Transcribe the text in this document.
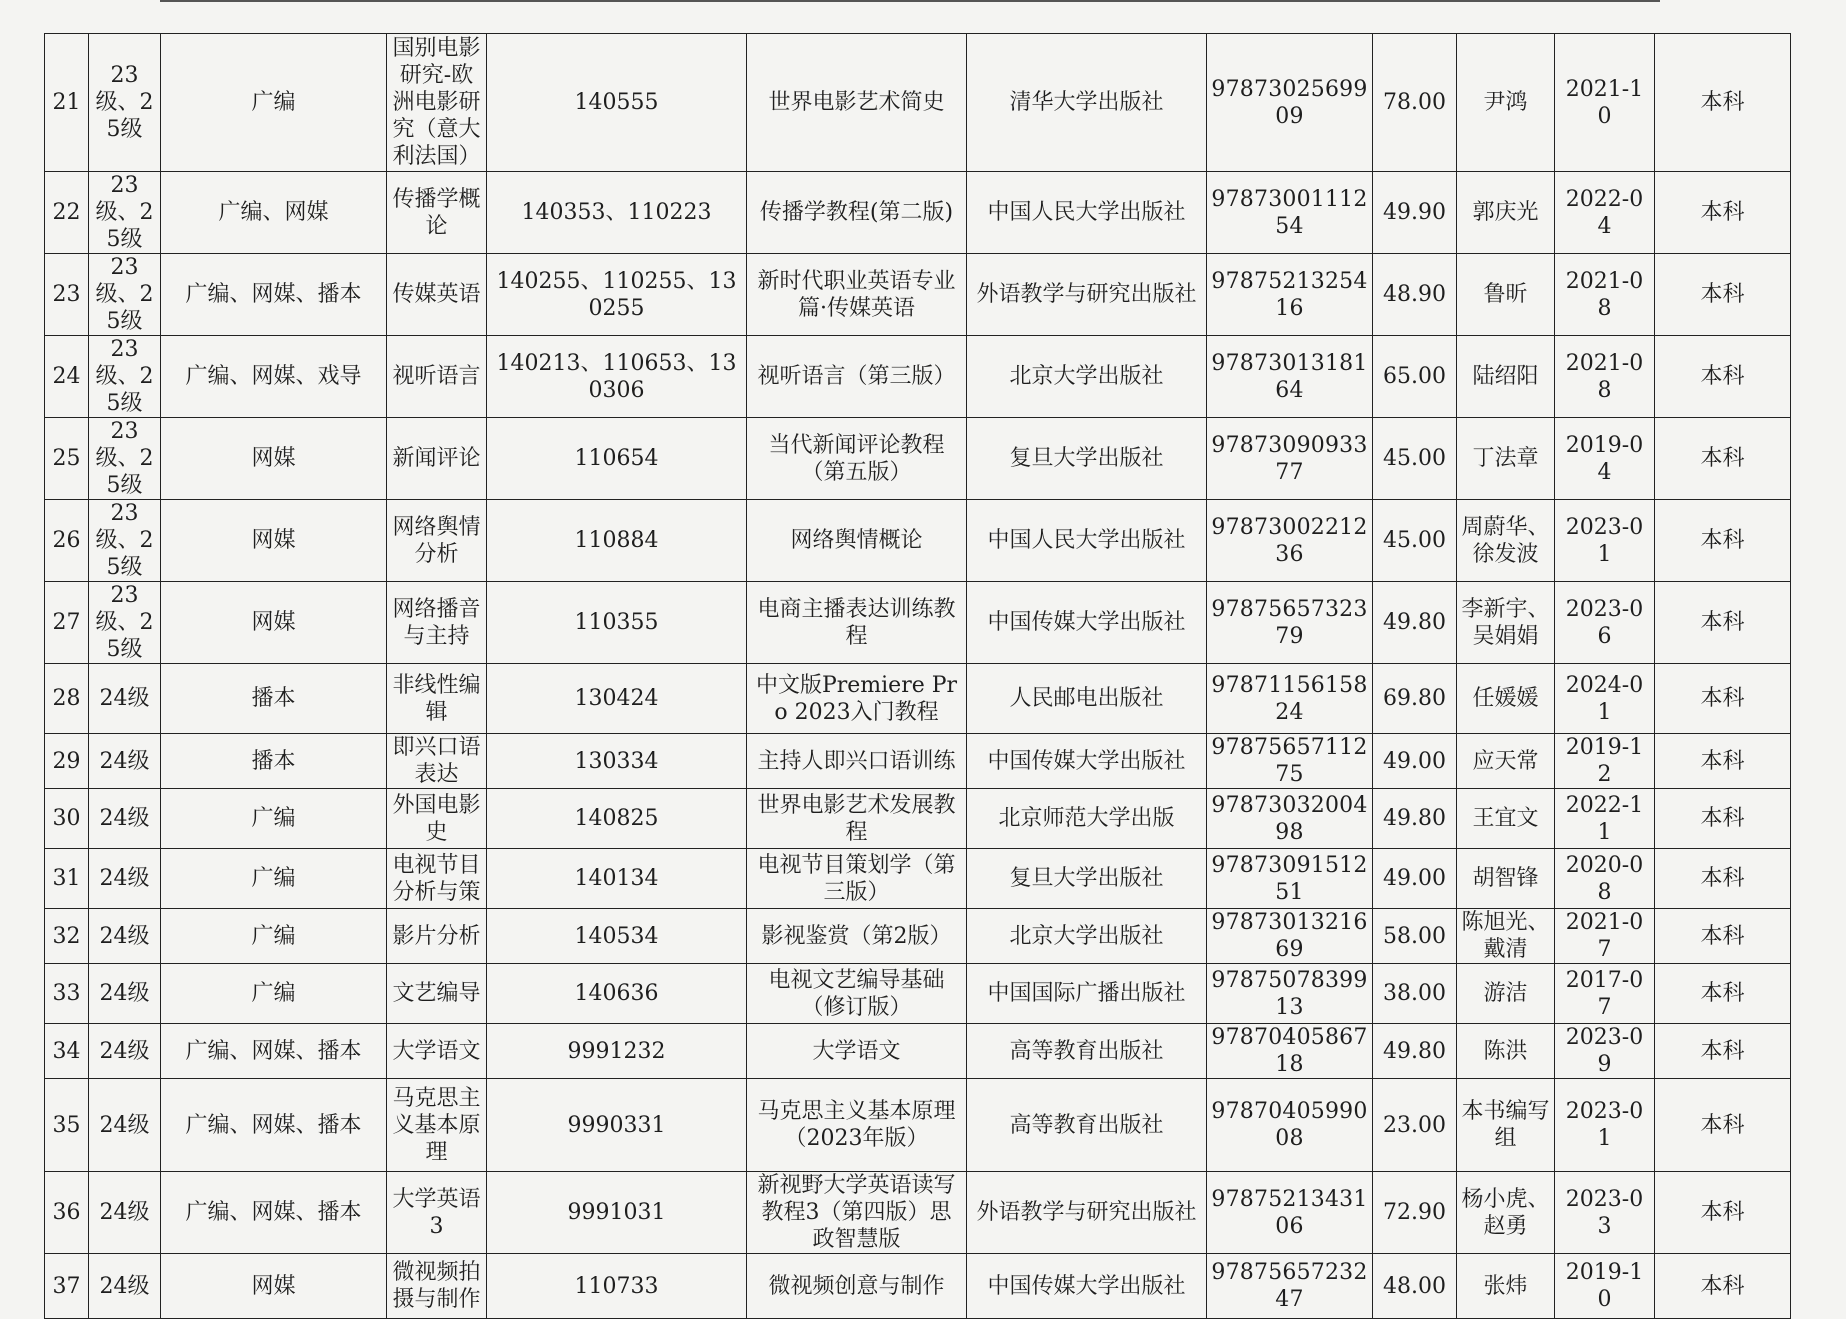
21	23级、25级	广编	国别电影研究-欧洲电影研究（意大利法国）	140555	世界电影艺术简史	清华大学出版社	9787302569909	78.00	尹鸿	2021-10	本科
22	23级、25级	广编、网媒	传播学概论	140353、110223	传播学教程(第二版)	中国人民大学出版社	9787300111254	49.90	郭庆光	2022-04	本科
23	23级、25级	广编、网媒、播本	传媒英语	140255、110255、130255	新时代职业英语专业篇·传媒英语	外语教学与研究出版社	9787521325416	48.90	鲁昕	2021-08	本科
24	23级、25级	广编、网媒、戏导	视听语言	140213、110653、130306	视听语言（第三版）	北京大学出版社	9787301318164	65.00	陆绍阳	2021-08	本科
25	23级、25级	网媒	新闻评论	110654	当代新闻评论教程（第五版）	复旦大学出版社	9787309093377	45.00	丁法章	2019-04	本科
26	23级、25级	网媒	网络舆情分析	110884	网络舆情概论	中国人民大学出版社	9787300221236	45.00	周蔚华、徐发波	2023-01	本科
27	23级、25级	网媒	网络播音与主持	110355	电商主播表达训练教程	中国传媒大学出版社	9787565732379	49.80	李新宇、吴娟娟	2023-06	本科
28	24级	播本	非线性编辑	130424	中文版Premiere Pro 2023入门教程	人民邮电出版社	9787115615824	69.80	任媛媛	2024-01	本科
29	24级	播本	即兴口语表达	130334	主持人即兴口语训练	中国传媒大学出版社	9787565711275	49.00	应天常	2019-12	本科
30	24级	广编	外国电影史	140825	世界电影艺术发展教程	北京师范大学出版	9787303200498	49.80	王宜文	2022-11	本科
31	24级	广编	电视节目分析与策	140134	电视节目策划学（第三版）	复旦大学出版社	9787309151251	49.00	胡智锋	2020-08	本科
32	24级	广编	影片分析	140534	影视鉴赏（第2版）	北京大学出版社	9787301321669	58.00	陈旭光、戴清	2021-07	本科
33	24级	广编	文艺编导	140636	电视文艺编导基础（修订版）	中国国际广播出版社	9787507839913	38.00	游洁	2017-07	本科
34	24级	广编、网媒、播本	大学语文	9991232	大学语文	高等教育出版社	9787040586718	49.80	陈洪	2023-09	本科
35	24级	广编、网媒、播本	马克思主义基本原理	9990331	马克思主义基本原理（2023年版）	高等教育出版社	9787040599008	23.00	本书编写组	2023-01	本科
36	24级	广编、网媒、播本	大学英语3	9991031	新视野大学英语读写教程3（第四版）思政智慧版	外语教学与研究出版社	9787521343106	72.90	杨小虎、赵勇	2023-03	本科
37	24级	网媒	微视频拍摄与制作	110733	微视频创意与制作	中国传媒大学出版社	9787565723247	48.00	张炜	2019-10	本科
